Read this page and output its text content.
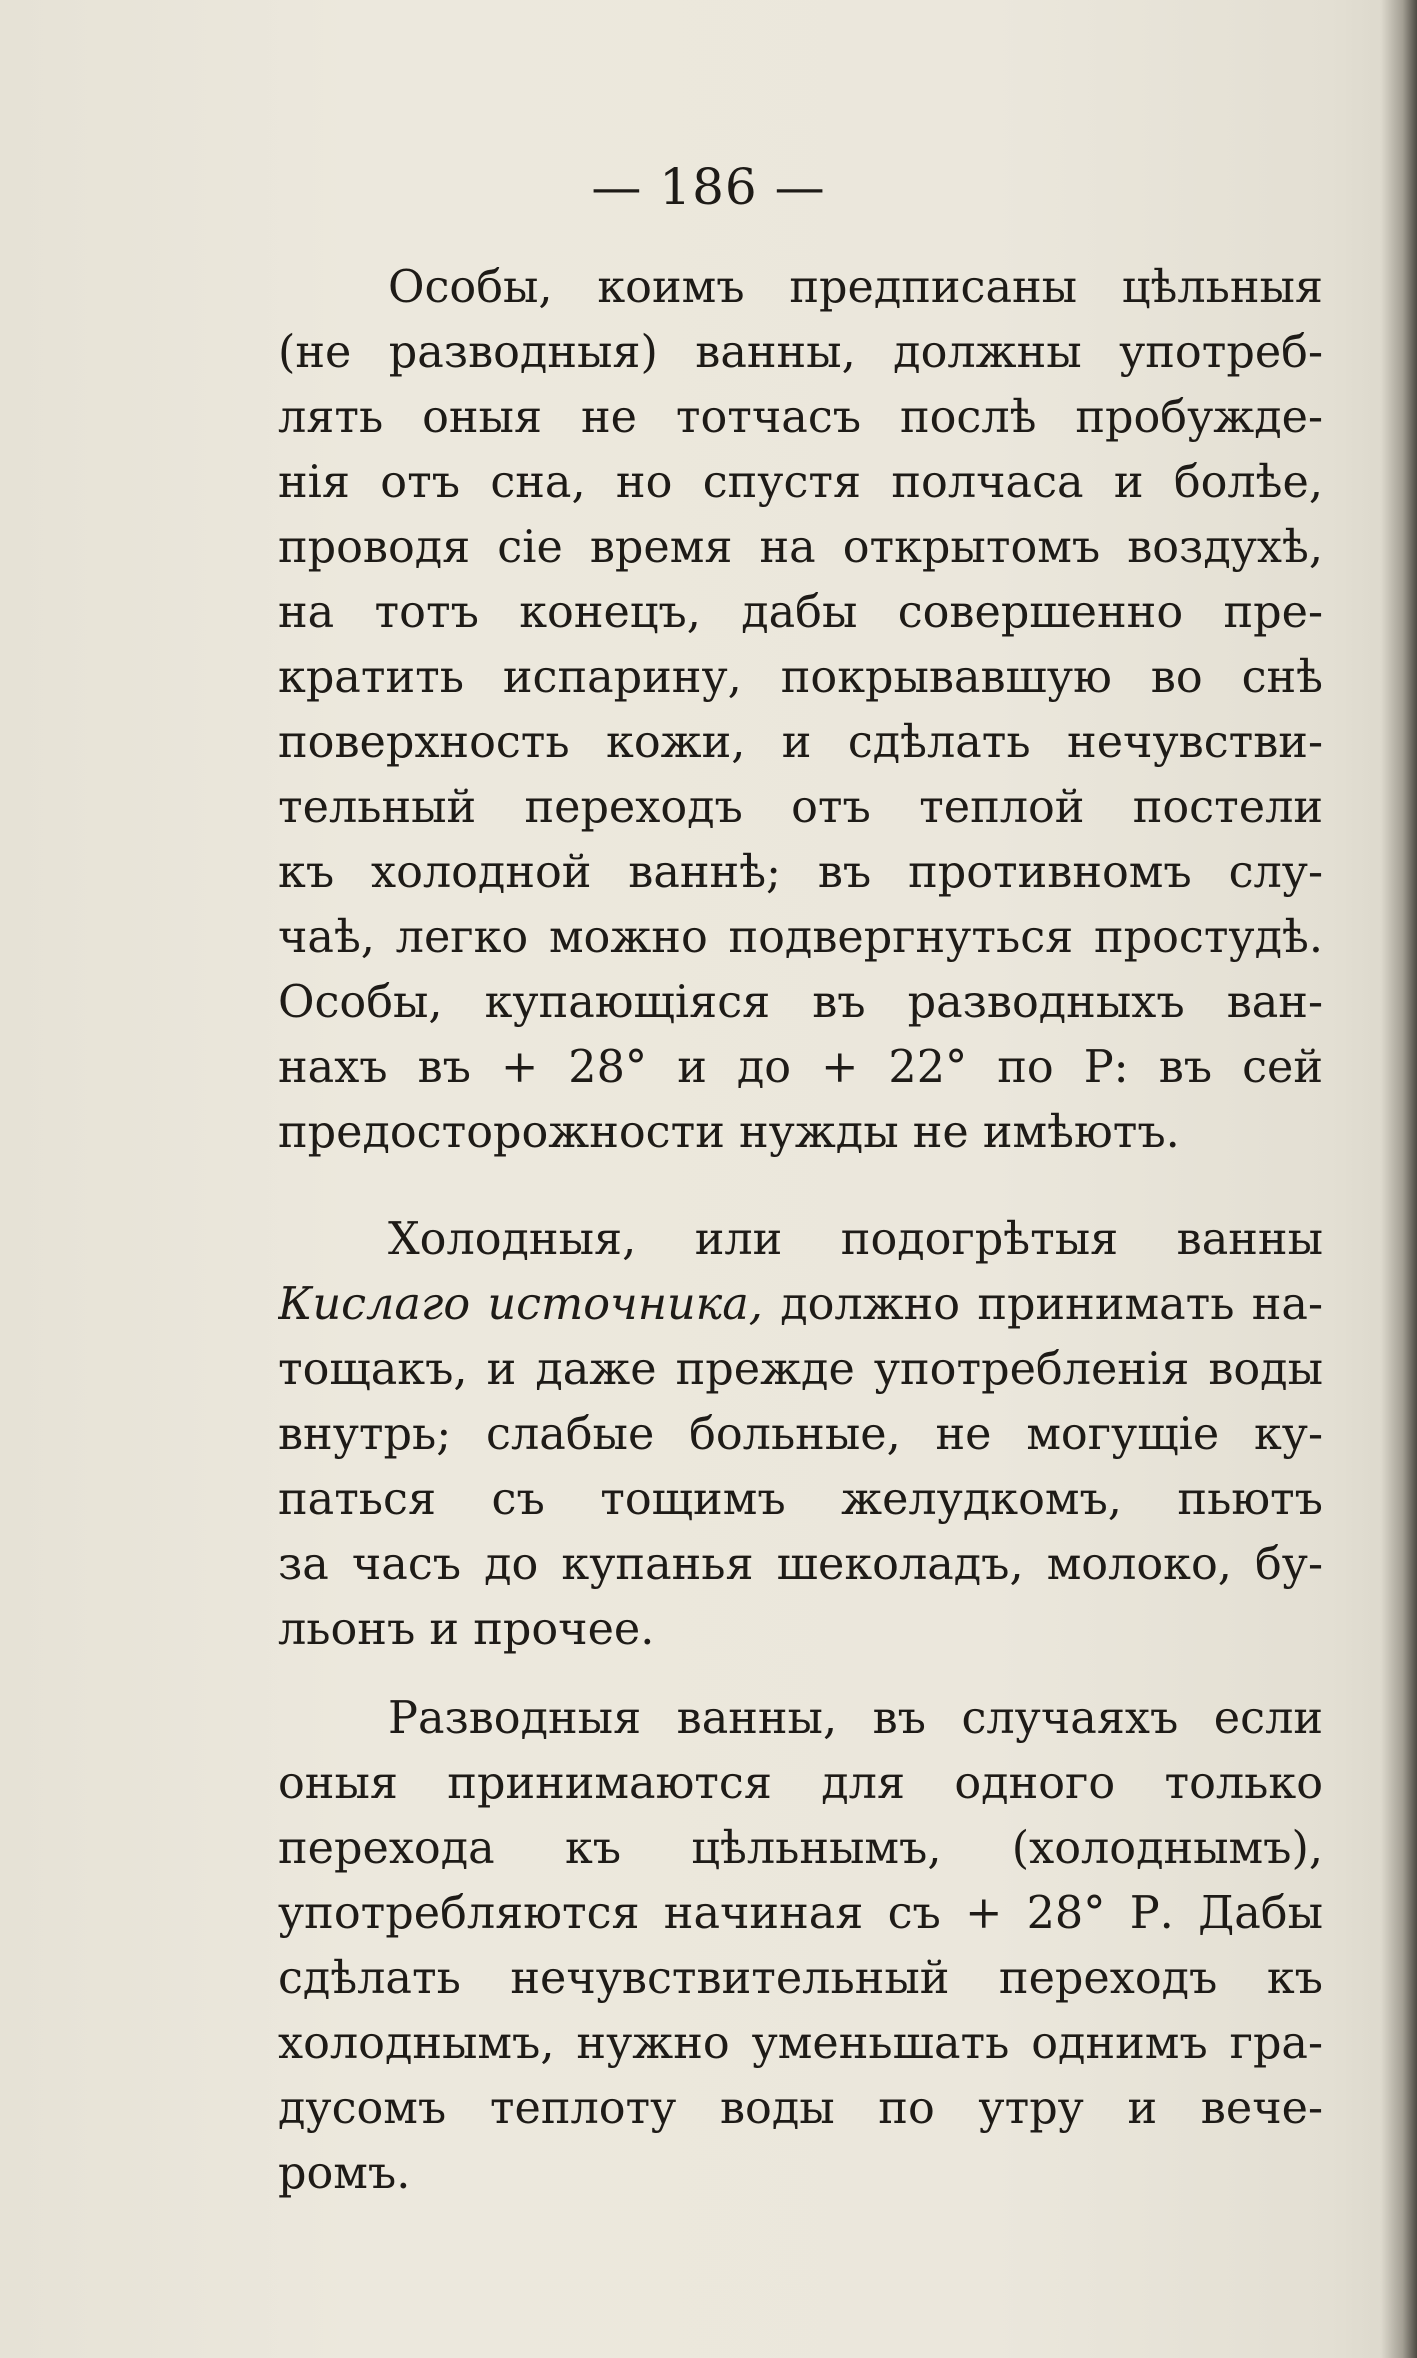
— 186 —
Особы, коимъ предписаны цѣльныя
(не разводныя) ванны, должны употреб-
лять оныя не тотчасъ послѣ пробужде-
нія отъ сна, но спустя полчаса и болѣе,
проводя сіе время на открытомъ воздухѣ,
на тотъ конецъ, дабы совершенно пре-
кратить испарину, покрывавшую во снѣ
поверхность кожи, и сдѣлать нечувстви-
тельный переходъ отъ теплой постели
къ холодной ваннѣ; въ противномъ слу-
чаѣ, легко можно подвергнуться простудѣ.
Особы, купающіяся въ разводныхъ ван-
нахъ въ + 28° и до + 22° по Р: въ сей
предосторожности нужды не имѣютъ.
Холодныя, или подогрѣтыя ванны
Кислаго источника, должно принимать на-
тощакъ, и даже прежде употребленія воды
внутрь; слабые больные, не могущіе ку-
паться съ тощимъ желудкомъ, пьютъ
за часъ до купанья шеколадъ, молоко, бу-
льонъ и прочее.
Разводныя ванны, въ случаяхъ если
оныя принимаются для одного только
перехода къ цѣльнымъ, (холоднымъ),
употребляются начиная съ + 28° Р. Дабы
сдѣлать нечувствительный переходъ къ
холоднымъ, нужно уменьшать однимъ гра-
дусомъ теплоту воды по утру и вече-
ромъ.
